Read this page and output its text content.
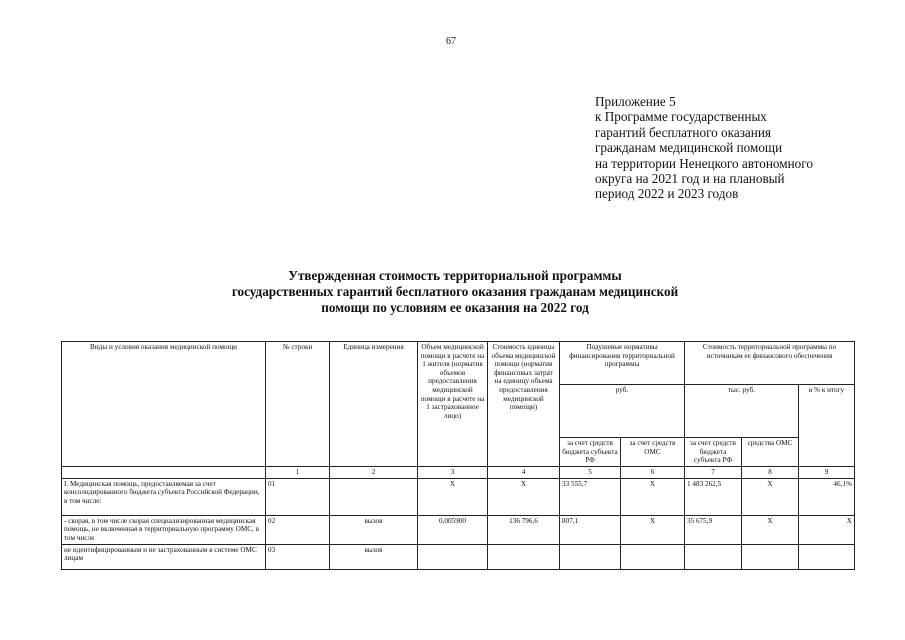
67
Приложение 5
к Программе государственных
гарантий бесплатного оказания
гражданам медицинской помощи
на территории Ненецкого автономного
округа на 2021 год и на плановый
период 2022 и 2023 годов
Утвержденная стоимость территориальной программы
государственных гарантий бесплатного оказания гражданам медицинской
помощи по условиям ее оказания на 2022 год
Виды и условия оказания медицинской помощи	№ строки	Единица измерения	Объем медицинской помощи в расчете на 1 жителя (норматив объемов предоставления медицинской помощи в расчете на 1 застрахованное лицо)	Стоимость единицы объема медицинской помощи (норматив финансовых затрат на единицу объема предоставления медицинской помощи)	Подушевые нормативы финансирования территориальной программы		Стоимость территориальной программы по источникам ее финансового обеспечения		
					руб.		тыс. руб.		в % к итогу
					за счет средств бюджета субъекта РФ	за счет средств ОМС	за счет средств бюджета субъекта РФ	средства ОМС	
	1	2	3	4	5	6	7	8	9
I. Медицинская помощь, предоставляемая за счет консолидированного бюджета субъекта Российской Федерации, в том числе:	01		X	X	33 555,7	X	1 483 262,5	X	46,1%
- скорая, в том числе скорая специализированная медицинская помощь, не включенная в территориальную программу ОМС, в том числе	02	вызов	0,005900	136 796,6	807,1	X	35 675,9	X	X
не идентифицированным и не застрахованным в системе ОМС лицам	03	вызов							
